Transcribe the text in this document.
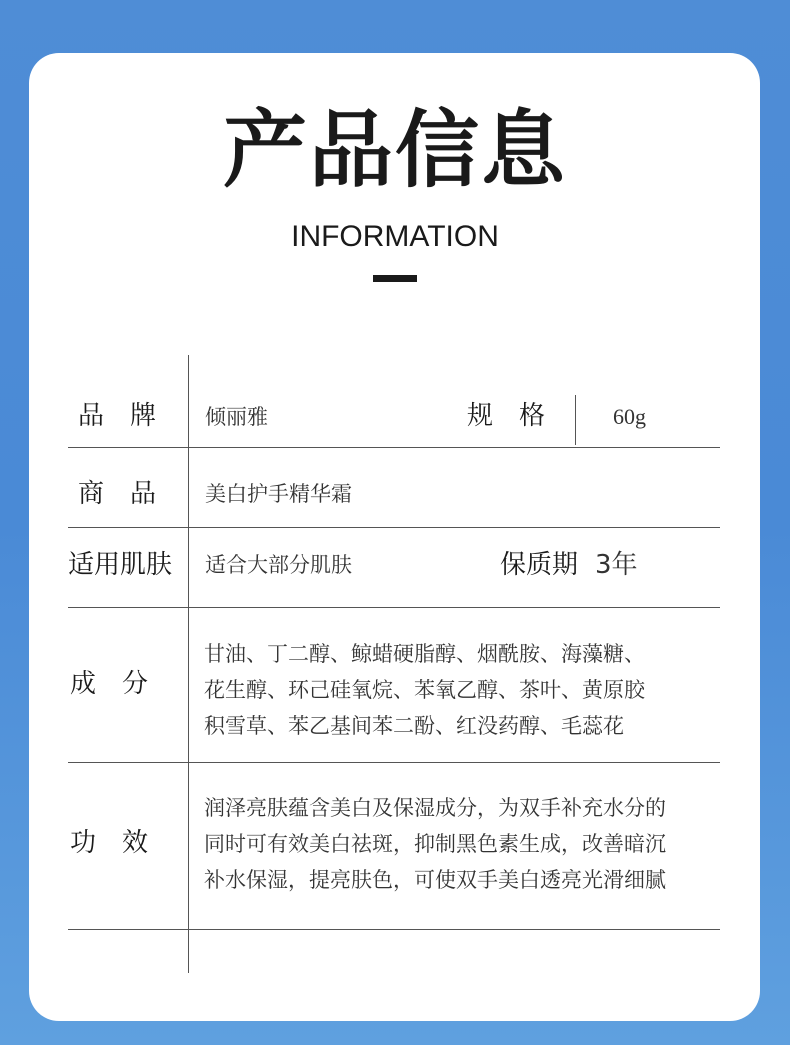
产品信息
INFORMATION
品　牌 倾丽雅	规　格	60g
商　品 美白护手精华霜
适用肌肤 适合大部分肌肤	保质期 3年
成　分
甘油、丁二醇、鲸蜡硬脂醇、烟酰胺、海藻糖、
花生醇、环己硅氧烷、苯氧乙醇、茶叶、黄原胶
积雪草、苯乙基间苯二酚、红没药醇、毛蕊花
功　效
润泽亮肤蕴含美白及保湿成分，为双手补充水分的
同时可有效美白祛斑，抑制黑色素生成，改善暗沉
补水保湿，提亮肤色，可使双手美白透亮光滑细腻
